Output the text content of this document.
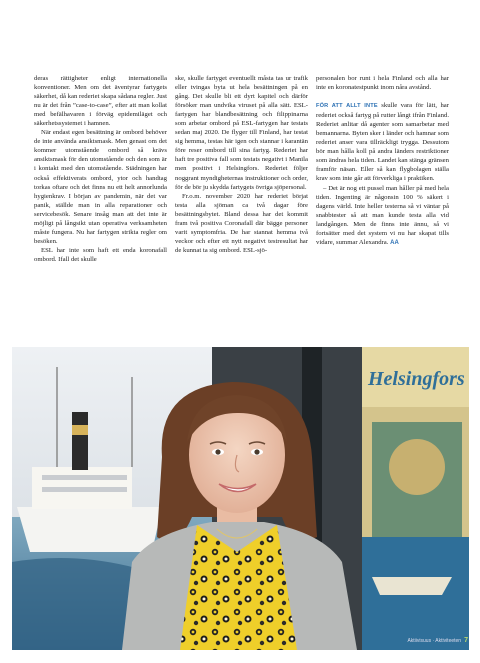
deras rättigheter enligt internationella konventioner. Men om det äventyrar fartygets säkerhet, då kan rederiet skapa sådana regler. Just nu är det från ”case-to-case”, efter att man kollat med befälhavaren i förväg epidemiläget och säkerhetssystemet i hamnen.

När endast egen besättning är ombord behöver de inte använda ansiktsmask. Men genast om det kommer utomstående ombord så krävs ansiktsmask för den utomstående och den som är i kontakt med den utomstående. Städningen har också effektiverats ombord, ytor och handtag torkas oftare och det finns nu ett helt annorlunda hygienkrav. I början av pandemin, när det var panik, ställde man in alla reparationer och servicebesök. Senare insåg man att det inte är möjligt på långsikt utan operativa verksamheten måste fungera. Nu har fartygen strikta regler om besöken.

ESL har inte som haft ett enda koronafall ombord. Ifall det skulle

ske, skulle fartyget eventuellt måsta tas ur trafik eller tvingas byta ut hela besättningen på en gång. Det skulle bli ett dyrt kapitel och därför försöker man undvika viruset på alla sätt. ESL-fartygen har blandbesättning och filippinarna som arbetar ombord på ESL-fartygen har testats sedan maj 2020. De flyger till Finland, har testat sig hemma, testas här igen och stannar i karantän före reser ombord till sina fartyg. Rederiet har haft tre positiva fall som testats negativt i Manila men positivt i Helsingfors. Rederiet följer noggrant myndigheternas instruktioner och order, för de bör ju skydda fartygets övriga sjöpersonal.

Fr.o.m. november 2020 har rederiet börjat testa alla sjöman ca två dagar före besättningsbytet. Bland dessa har det kommit fram två positiva Coronafall där bägge personer varit symptomfria. De har stannat hemma två veckor och efter ett nytt negativt testresultat har de kunnat ta sig ombord. ESL-sjö-

personalen bor runt i hela Finland och alla har inte en koronatestpunkt inom nåra avstånd.

FÖR ATT ALLT INTE skulle vara för lätt, har rederiet också fartyg på rutter långt ifrån Finland. Rederiet anlitar då agenter som samarbetar med bemannarna. Byten sker i länder och hamnar som rederiet anser vara tillräckligt trygga. Dessutom bör man hålla koll på andra länders restriktioner som ändras hela tiden. Landet kan stänga gränsen framför näsan. Eller så kan flygbolagen ställa krav som inte går att förverkliga i praktiken.

– Det är nog ett pussel man håller på med hela tiden. Ingenting är någonsin 100 % säkert i dagens värld. Inte heller testerna så vi väntar på snabbtester så att man kunde testa alla vid landgången. Men de finns inte ännu, så vi fortsätter med det system vi nu har skapat tills vidare, summar Alexandra. AA

Helsingfors
Aktiivisuus · Aktiviteeten 7
